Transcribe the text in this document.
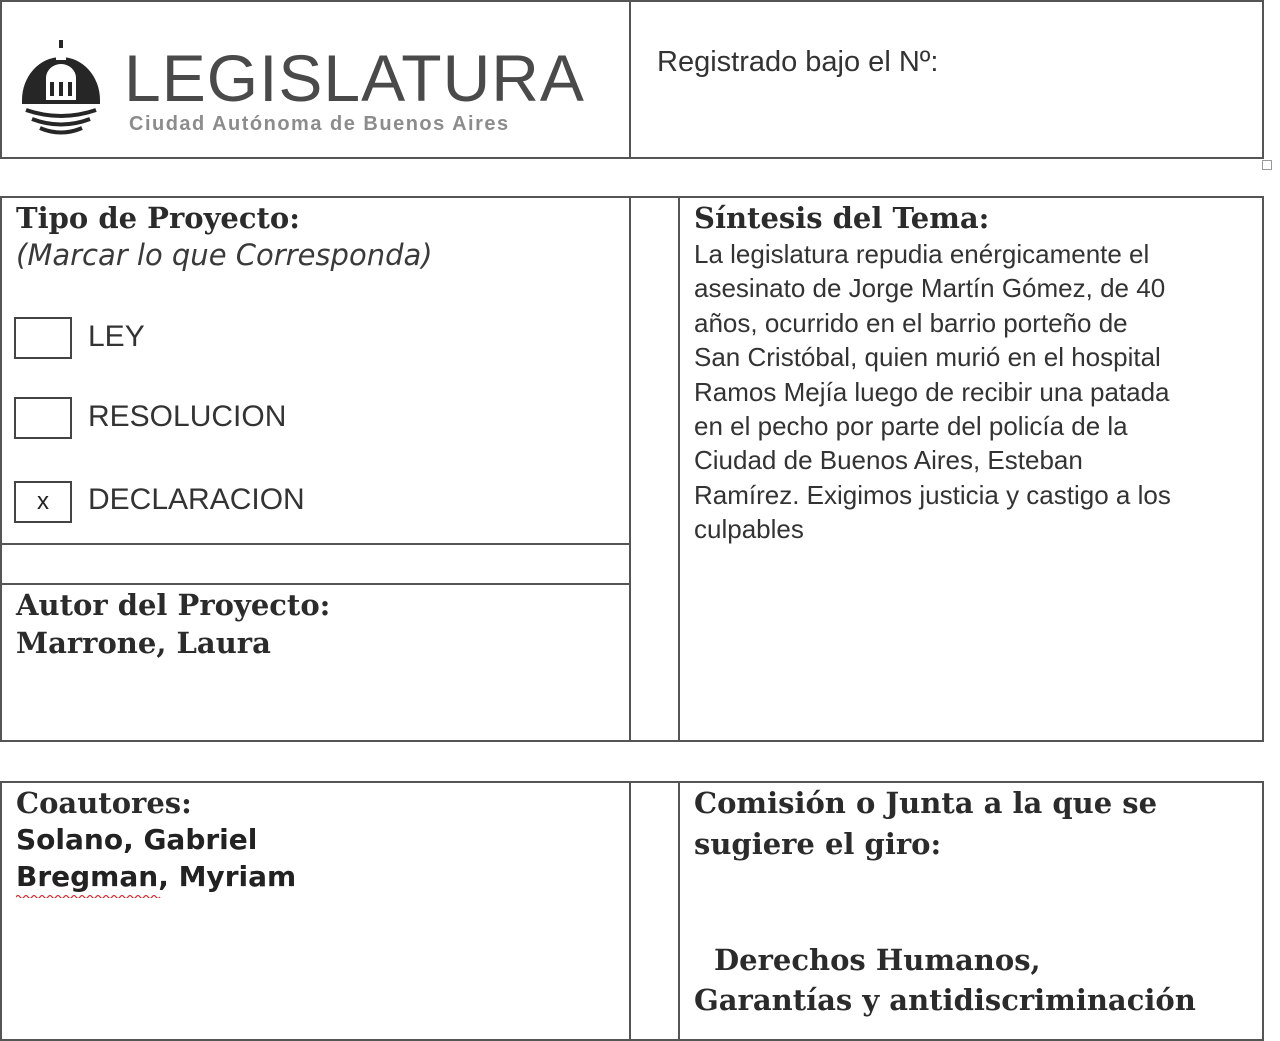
LEGISLATURA
Ciudad Autónoma de Buenos Aires
Registrado bajo el Nº:
Tipo de Proyecto:
(Marcar lo que Corresponda)
LEY
RESOLUCION
x	DECLARACION
Autor del Proyecto:
Marrone, Laura
Síntesis del Tema:
La legislatura repudia enérgicamente el
asesinato de Jorge Martín Gómez, de 40
años, ocurrido en el barrio porteño de
San Cristóbal, quien murió en el hospital
Ramos Mejía luego de recibir una patada
en el pecho por parte del policía de la
Ciudad de Buenos Aires, Esteban
Ramírez. Exigimos justicia y castigo a los
culpables
Coautores:
Solano, Gabriel
Bregman, Myriam
Comisión o Junta a la que se
sugiere el giro:
Derechos Humanos,
Garantías y antidiscriminación
